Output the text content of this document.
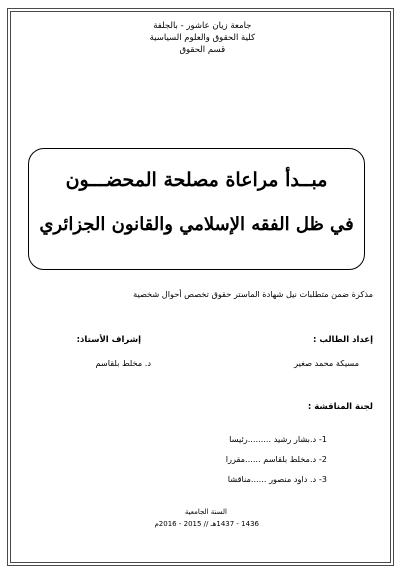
جامعة زيان عاشور - بالجلفة
كلية الحقوق والعلوم السياسية
قسم الحقوق
مبــدأ مراعاة مصلحة المحضـــون
في ظل الفقه الإسلامي والقانون الجزائري
مذكرة ضمن متطلبات نيل شهادة الماستر حقوق تخصص أحوال شخصية
إعداد الطالب :
إشراف الأستاذ:
مسيكة محمد صغير
د. مخلط بلقاسم
لجنة المناقشة :
1- د.بشار رشيد .........رئيسا
2- د.مخلط بلقاسم ......مقررا
3- د. داود منصور ......مناقشا
السنة الجامعية
1436 - 1437هـ // 2015 - 2016م
